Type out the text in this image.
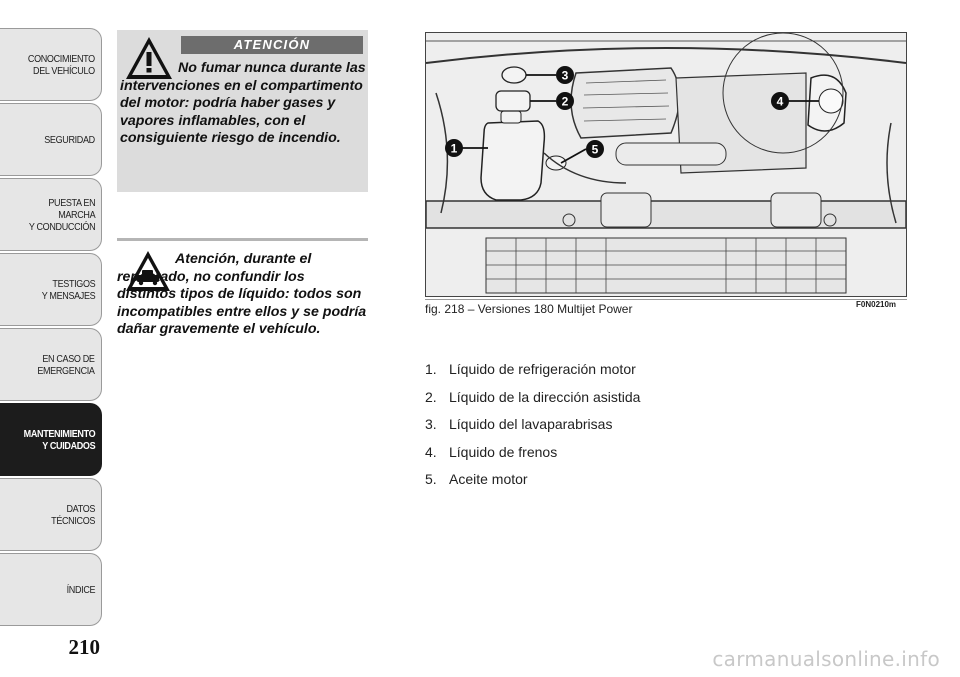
CONOCIMIENTO
DEL VEHÍCULO
SEGURIDAD
PUESTA EN
MARCHA
Y CONDUCCIÓN
TESTIGOS
Y MENSAJES
EN CASO DE
EMERGENCIA
MANTENIMIENTO
Y CUIDADOS
DATOS
TÉCNICOS
ÍNDICE
210
ATENCIÓN
No fumar nunca durante las intervenciones en el compartimento del motor: podría haber gases y vapores inflamables, con el consiguiente riesgo de incendio.
Atención, durante el repostado, no confundir los distintos tipos de líquido: todos son incompatibles entre ellos y se podría dañar gravemente el vehículo.
1
2
3
4
5
fig. 218 – Versiones 180 Multijet Power	F0N0210m
1. Líquido de refrigeración motor
2. Líquido de la dirección asistida
3. Líquido del lavaparabrisas
4. Líquido de frenos
5. Aceite motor
carmanualsonline.info
